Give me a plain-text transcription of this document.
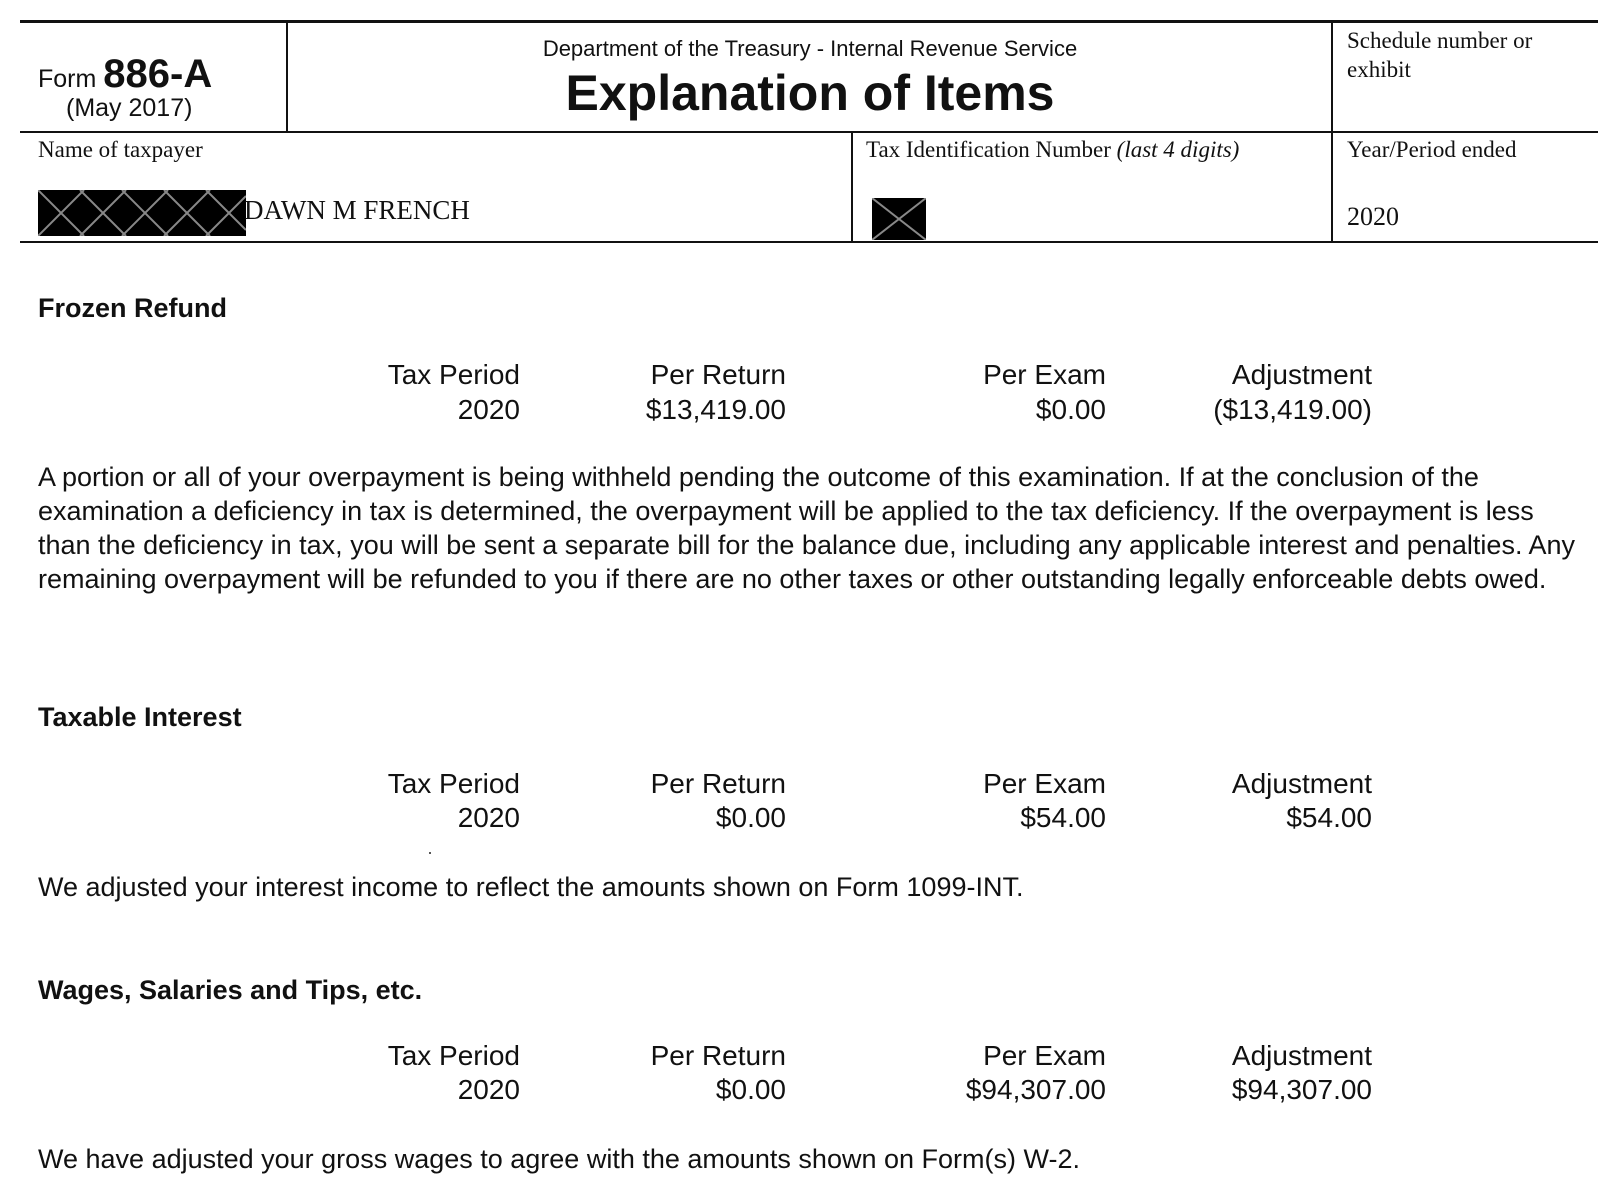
Form 886-A
(May 2017)
Department of the Treasury - Internal Revenue Service
Explanation of Items
Schedule number or exhibit
Name of taxpayer
DAWN M FRENCH
Tax Identification Number (last 4 digits)	Year/Period ended
2020
Frozen Refund
Tax Period	Per Return	Per Exam	Adjustment
2020	$13,419.00	$0.00	($13,419.00)
A portion or all of your overpayment is being withheld pending the outcome of this examination. If at the conclusion of the examination a deficiency in tax is determined, the overpayment will be applied to the tax deficiency. If the overpayment is less than the deficiency in tax, you will be sent a separate bill for the balance due, including any applicable interest and penalties. Any remaining overpayment will be refunded to you if there are no other taxes or other outstanding legally enforceable debts owed.
Taxable Interest
Tax Period	Per Return	Per Exam	Adjustment
2020	$0.00	$54.00	$54.00
We adjusted your interest income to reflect the amounts shown on Form 1099-INT.
Wages, Salaries and Tips, etc.
Tax Period	Per Return	Per Exam	Adjustment
2020	$0.00	$94,307.00	$94,307.00
We have adjusted your gross wages to agree with the amounts shown on Form(s) W-2.
